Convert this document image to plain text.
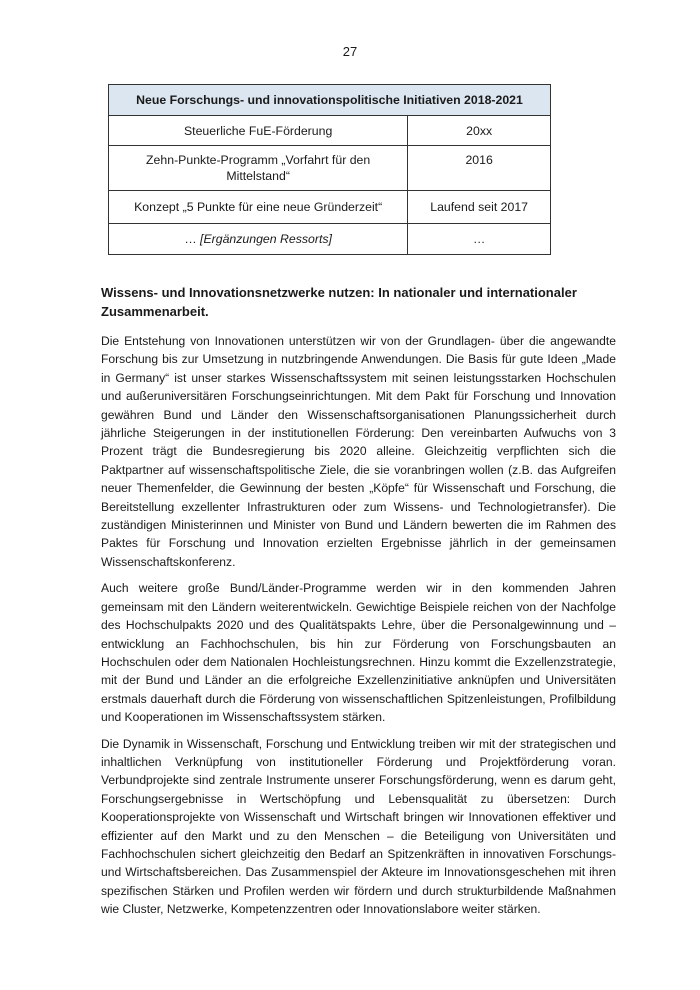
27
Neue Forschungs- und innovationspolitische Initiativen 2018-2021	
Steuerliche FuE-Förderung	20xx
Zehn-Punkte-Programm „Vorfahrt für den Mittelstand“	2016
Konzept „5 Punkte für eine neue Gründerzeit“	Laufend seit 2017
… [Ergänzungen Ressorts]	…
Wissens- und Innovationsnetzwerke nutzen: In nationaler und internationaler Zusammenarbeit.

Die Entstehung von Innovationen unterstützen wir von der Grundlagen- über die angewandte Forschung bis zur Umsetzung in nutzbringende Anwendungen. Die Basis für gute Ideen „Made in Germany“ ist unser starkes Wissenschaftssystem mit seinen leistungsstarken Hochschulen und außeruniversitären Forschungseinrichtungen. Mit dem Pakt für Forschung und Innovation gewähren Bund und Länder den Wissenschaftsorganisationen Planungssicherheit durch jährliche Steigerungen in der institutionellen Förderung: Den vereinbarten Aufwuchs von 3 Prozent trägt die Bundesregierung bis 2020 alleine. Gleichzeitig verpflichten sich die Paktpartner auf wissenschaftspolitische Ziele, die sie voranbringen wollen (z.B. das Aufgreifen neuer Themenfelder, die Gewinnung der besten „Köpfe“ für Wissenschaft und Forschung, die Bereitstellung exzellenter Infrastrukturen oder zum Wissens- und Technologietransfer). Die zuständigen Ministerinnen und Minister von Bund und Ländern bewerten die im Rahmen des Paktes für Forschung und Innovation erzielten Ergebnisse jährlich in der gemeinsamen Wissenschaftskonferenz.

Auch weitere große Bund/Länder-Programme werden wir in den kommenden Jahren gemeinsam mit den Ländern weiterentwickeln. Gewichtige Beispiele reichen von der Nachfolge des Hochschulpakts 2020 und des Qualitätspakts Lehre, über die Personalgewinnung und –entwicklung an Fachhochschulen, bis hin zur Förderung von Forschungsbauten an Hochschulen oder dem Nationalen Hochleistungsrechnen. Hinzu kommt die Exzellenzstrategie, mit der Bund und Länder an die erfolgreiche Exzellenzinitiative anknüpfen und Universitäten erstmals dauerhaft durch die Förderung von wissenschaftlichen Spitzenleistungen, Profilbildung und Kooperationen im Wissenschaftssystem stärken.

Die Dynamik in Wissenschaft, Forschung und Entwicklung treiben wir mit der strategischen und inhaltlichen Verknüpfung von institutioneller Förderung und Projektförderung voran. Verbundprojekte sind zentrale Instrumente unserer Forschungsförderung, wenn es darum geht, Forschungsergebnisse in Wertschöpfung und Lebensqualität zu übersetzen: Durch Kooperationsprojekte von Wissenschaft und Wirtschaft bringen wir Innovationen effektiver und effizienter auf den Markt und zu den Menschen – die Beteiligung von Universitäten und Fachhochschulen sichert gleichzeitig den Bedarf an Spitzenkräften in innovativen Forschungs- und Wirtschaftsbereichen. Das Zusammenspiel der Akteure im Innovationsgeschehen mit ihren spezifischen Stärken und Profilen werden wir fördern und durch strukturbildende Maßnahmen wie Cluster, Netzwerke, Kompetenzzentren oder Innovationslabore weiter stärken.
